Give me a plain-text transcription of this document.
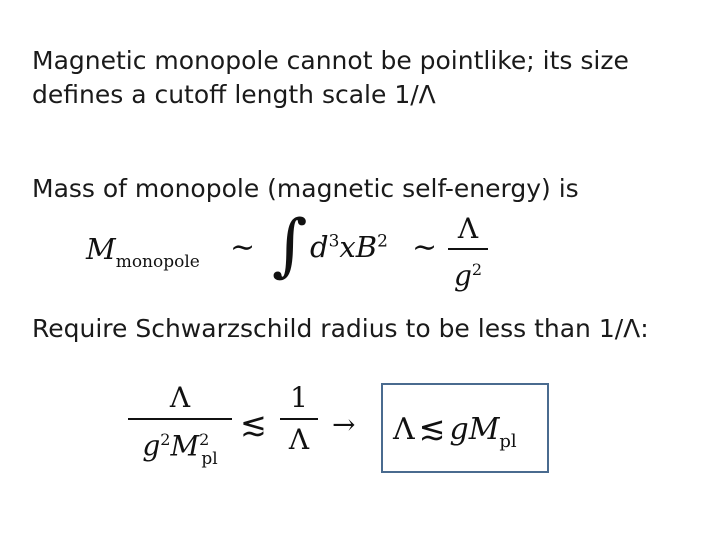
Magnetic monopole cannot be pointlike; its size
defines a cutoff length scale 1/Λ
Mass of monopole (magnetic self-energy) is
$M_{monopole}$ ∼ ∫ $d^3xB^2$ ∼
Λ
$g^2$
Require Schwarzschild radius to be less than 1/Λ:
Λ
$g^2M^2_{pl}$
≲
1
Λ → Λ ≲ $gM_{pl}$
